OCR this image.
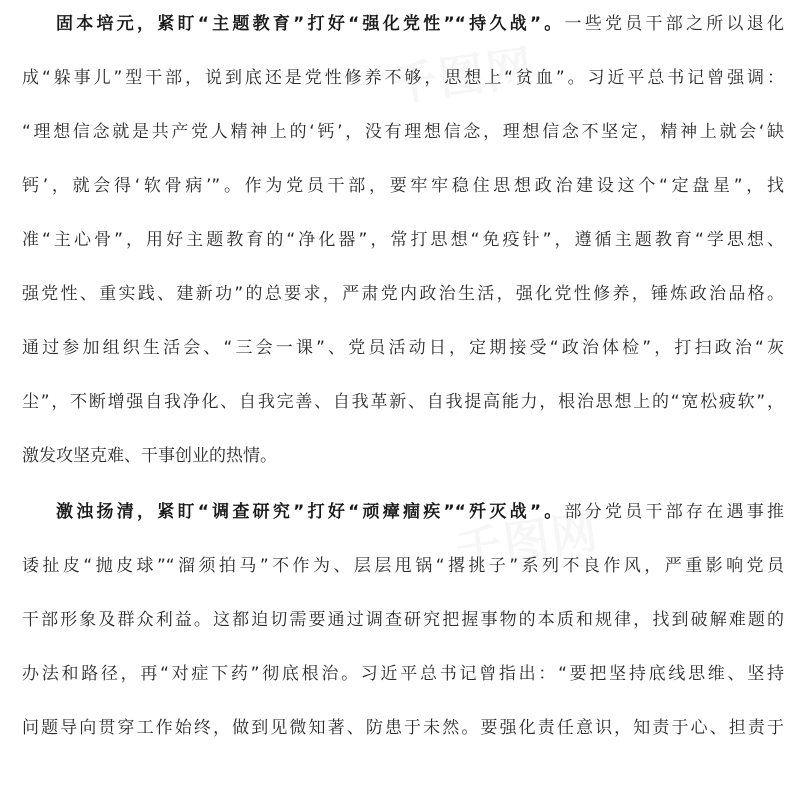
固本培元，紧盯“主题教育”打好“强化党性”“持久战”。一些党员干部之所以退化
成“躲事儿”型干部，说到底还是党性修养不够，思想上“贫血”。习近平总书记曾强调：
“理想信念就是共产党人精神上的‘钙’，没有理想信念，理想信念不坚定，精神上就会‘缺
钙’，就会得‘软骨病’”。作为党员干部，要牢牢稳住思想政治建设这个“定盘星”，找
准“主心骨”，用好主题教育的“净化器”，常打思想“免疫针”，遵循主题教育“学思想、
强党性、重实践、建新功”的总要求，严肃党内政治生活，强化党性修养，锤炼政治品格。
通过参加组织生活会、“三会一课”、党员活动日，定期接受“政治体检”，打扫政治“灰
尘”，不断增强自我净化、自我完善、自我革新、自我提高能力，根治思想上的“宽松疲软”，
激发攻坚克难、干事创业的热情。
激浊扬清，紧盯“调查研究”打好“顽瘴痼疾”“歼灭战”。部分党员干部存在遇事推
诿扯皮“抛皮球”“溜须拍马”不作为、层层甩锅“撂挑子”系列不良作风，严重影响党员
干部形象及群众利益。这都迫切需要通过调查研究把握事物的本质和规律，找到破解难题的
办法和路径，再“对症下药”彻底根治。习近平总书记曾指出：“要把坚持底线思维、坚持
问题导向贯穿工作始终，做到见微知著、防患于未然。要强化责任意识，知责于心、担责于
